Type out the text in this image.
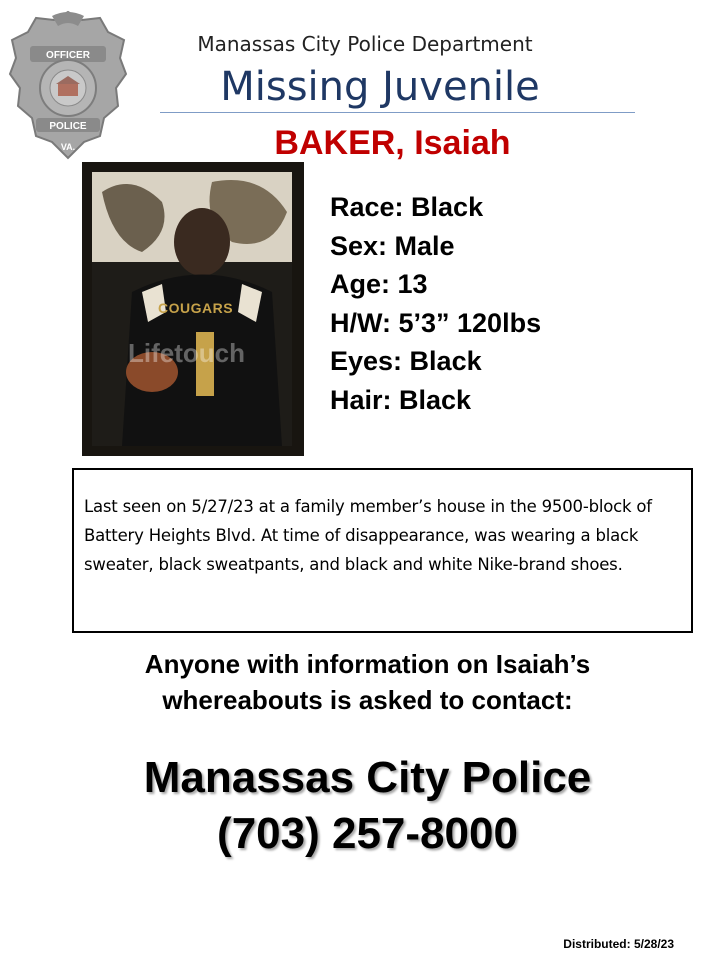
OFFICER
POLICE
VA.
Manassas City Police Department
Missing Juvenile
BAKER, Isaiah
COUGARS
Lifetouch
Race: Black
Sex: Male
Age: 13
H/W: 5’3” 120lbs
Eyes: Black
Hair: Black

Last seen on 5/27/23 at a family member’s house in the 9500-block of Battery Heights Blvd. At time of disappearance, was wearing a black sweater, black sweatpants, and black and white Nike-brand shoes.

Anyone with information on Isaiah’s
whereabouts is asked to contact:
Manassas City Police
(703) 257-8000
Distributed: 5/28/23
